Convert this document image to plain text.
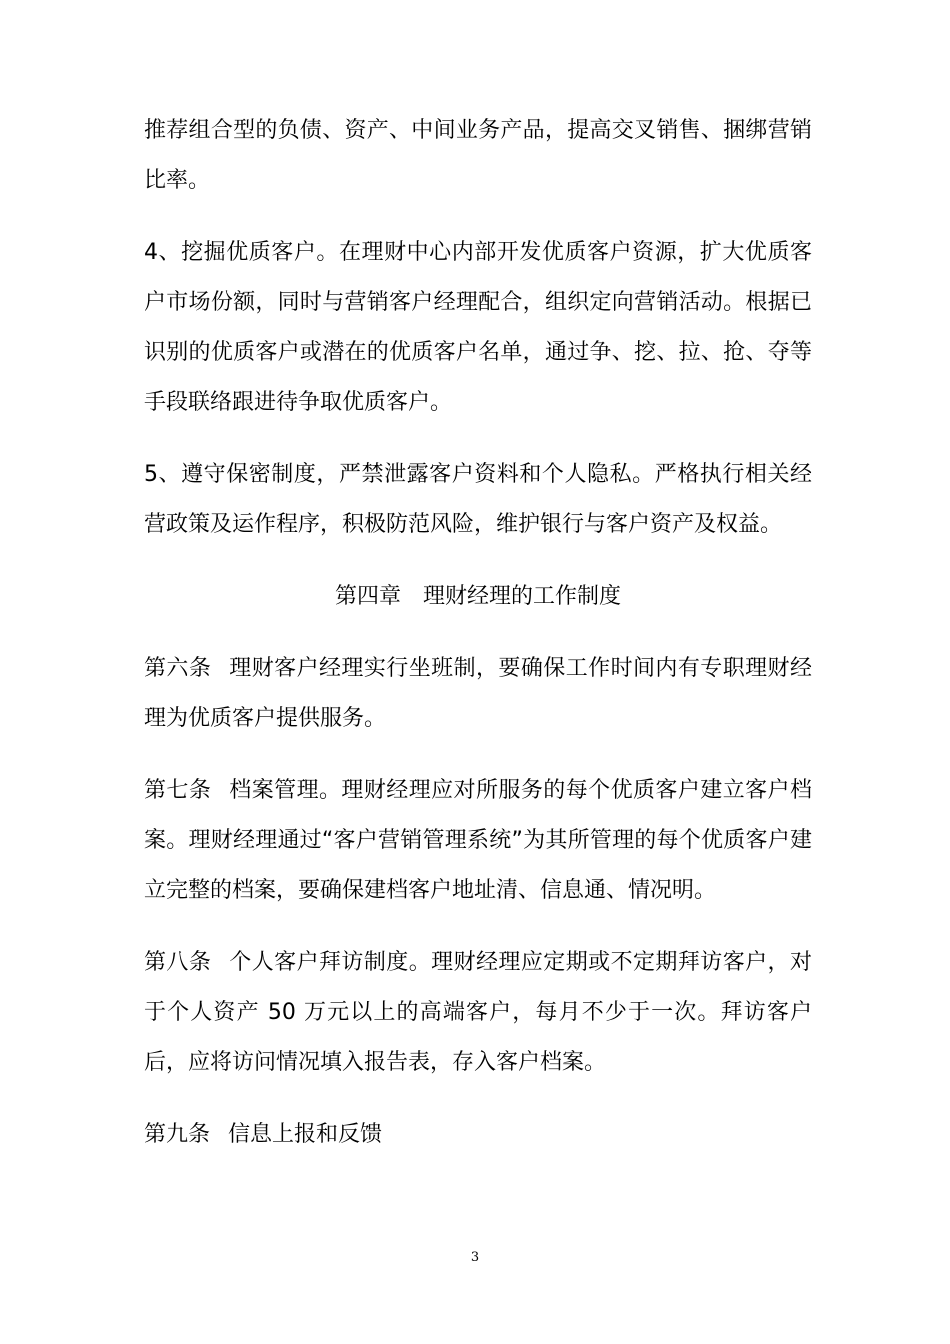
推荐组合型的负债、资产、中间业务产品，提高交叉销售、捆绑营销比率。

4、挖掘优质客户。在理财中心内部开发优质客户资源，扩大优质客户市场份额，同时与营销客户经理配合，组织定向营销活动。根据已识别的优质客户或潜在的优质客户名单，通过争、挖、拉、抢、夺等手段联络跟进待争取优质客户。

5、遵守保密制度，严禁泄露客户资料和个人隐私。严格执行相关经营政策及运作程序，积极防范风险，维护银行与客户资产及权益。

第四章　理财经理的工作制度

第六条 理财客户经理实行坐班制，要确保工作时间内有专职理财经理为优质客户提供服务。

第七条 档案管理。理财经理应对所服务的每个优质客户建立客户档案。理财经理通过“客户营销管理系统”为其所管理的每个优质客户建立完整的档案，要确保建档客户地址清、信息通、情况明。

第八条 个人客户拜访制度。理财经理应定期或不定期拜访客户，对于个人资产 50 万元以上的高端客户，每月不少于一次。拜访客户后，应将访问情况填入报告表，存入客户档案。

第九条 信息上报和反馈

3
